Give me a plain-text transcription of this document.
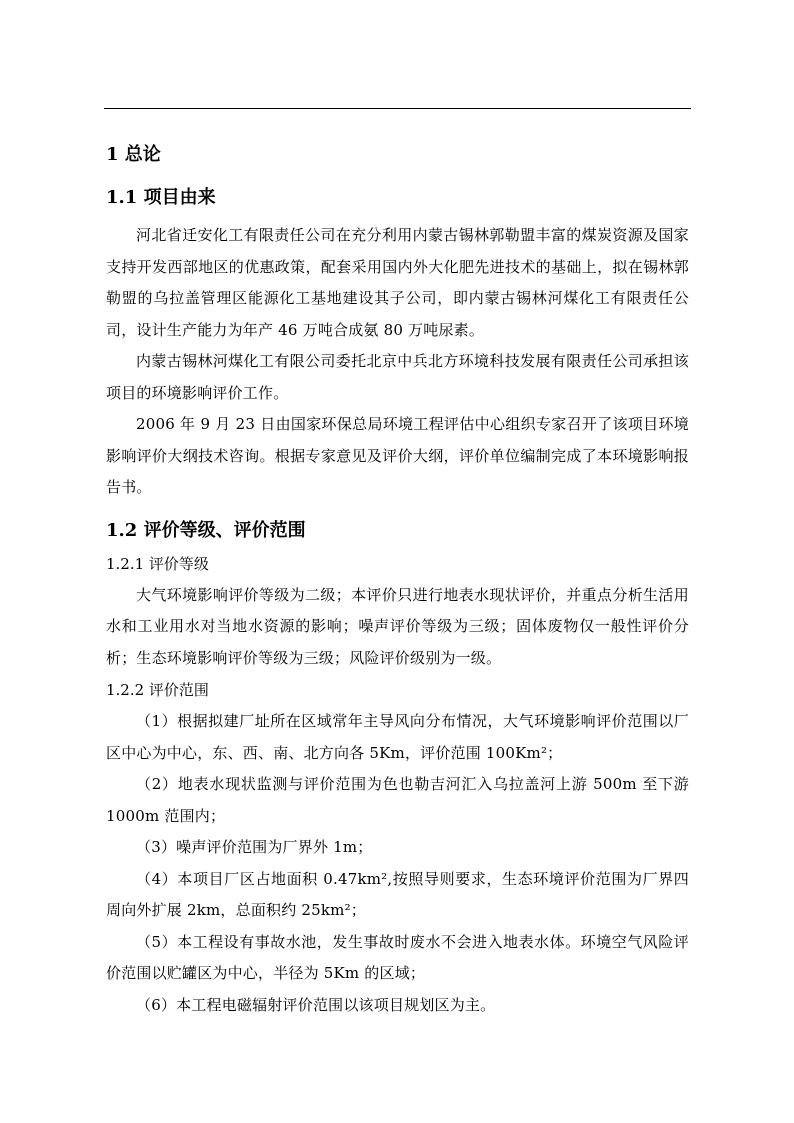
1 总论
1.1 项目由来

河北省迁安化工有限责任公司在充分利用内蒙古锡林郭勒盟丰富的煤炭资源及国家支持开发西部地区的优惠政策，配套采用国内外大化肥先进技术的基础上，拟在锡林郭勒盟的乌拉盖管理区能源化工基地建设其子公司，即内蒙古锡林河煤化工有限责任公司，设计生产能力为年产 46 万吨合成氨 80 万吨尿素。

内蒙古锡林河煤化工有限公司委托北京中兵北方环境科技发展有限责任公司承担该项目的环境影响评价工作。

2006 年 9 月 23 日由国家环保总局环境工程评估中心组织专家召开了该项目环境影响评价大纲技术咨询。根据专家意见及评价大纲，评价单位编制完成了本环境影响报告书。

1.2 评价等级、评价范围
1.2.1 评价等级

大气环境影响评价等级为二级；本评价只进行地表水现状评价，并重点分析生活用水和工业用水对当地水资源的影响；噪声评价等级为三级；固体废物仅一般性评价分析；生态环境影响评价等级为三级；风险评价级别为一级。

1.2.2 评价范围

（1）根据拟建厂址所在区域常年主导风向分布情况，大气环境影响评价范围以厂区中心为中心，东、西、南、北方向各 5Km，评价范围 100Km²；

（2）地表水现状监测与评价范围为色也勒吉河汇入乌拉盖河上游 500m 至下游 1000m 范围内；

（3）噪声评价范围为厂界外 1m；

（4）本项目厂区占地面积 0.47km²,按照导则要求，生态环境评价范围为厂界四周向外扩展 2km，总面积约 25km²；

（5）本工程设有事故水池，发生事故时废水不会进入地表水体。环境空气风险评价范围以贮罐区为中心，半径为 5Km 的区域；

（6）本工程电磁辐射评价范围以该项目规划区为主。
